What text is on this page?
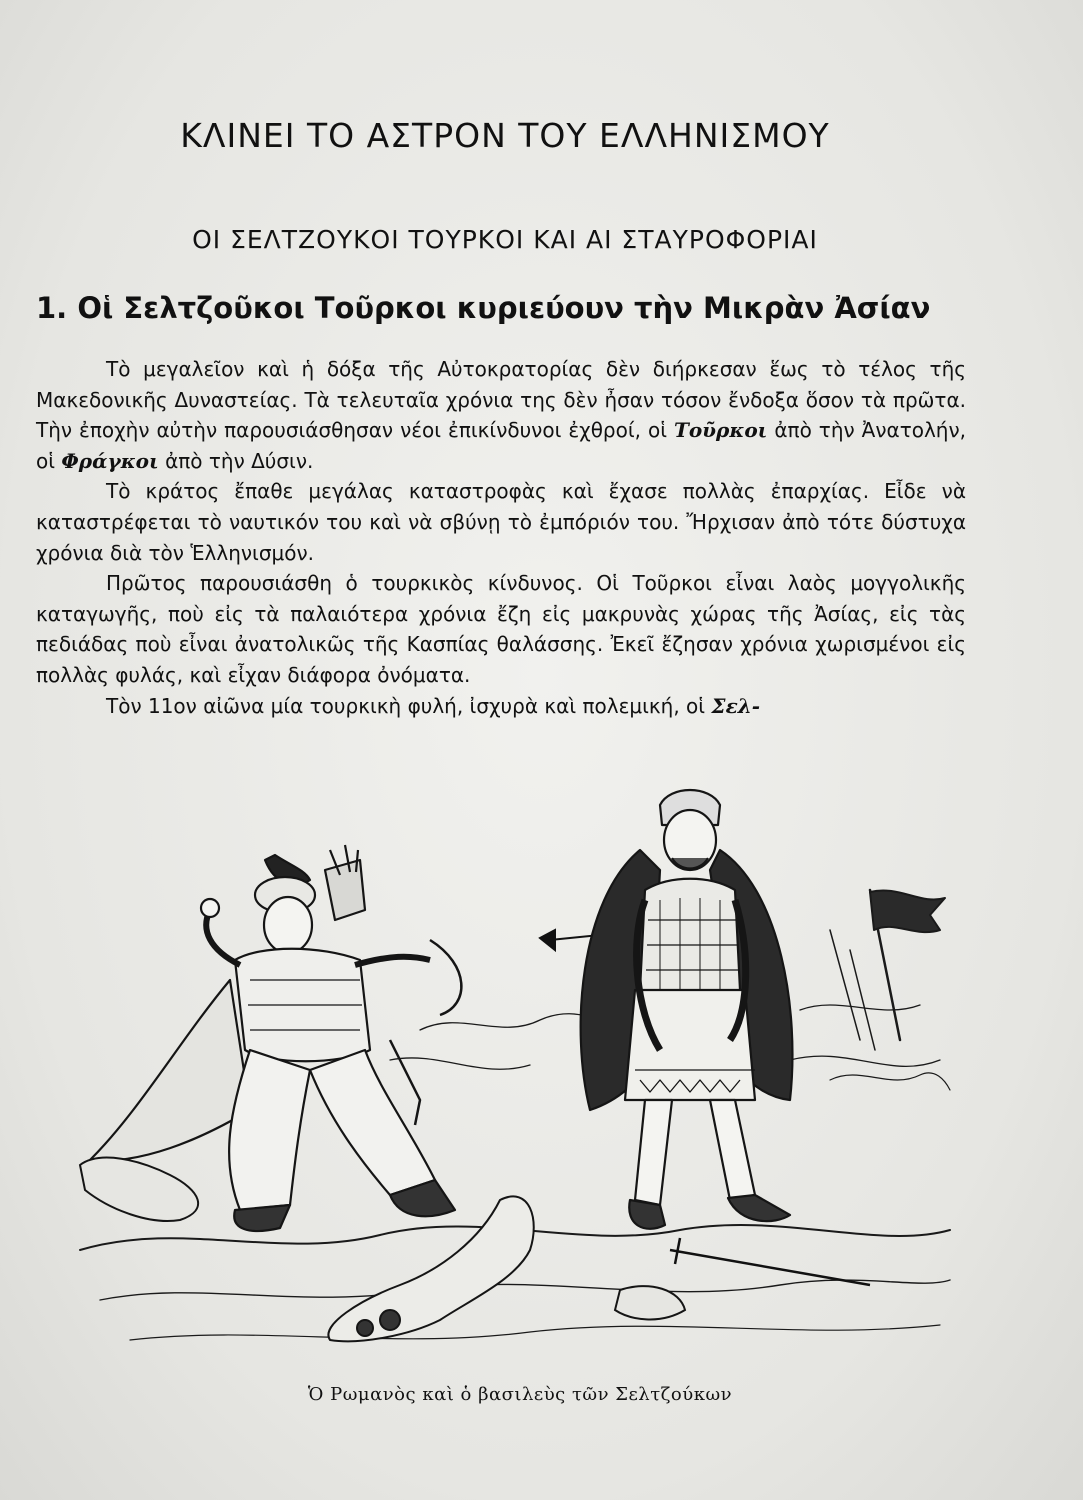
ΚΛΙΝΕΙ ΤΟ ΑΣΤΡΟΝ ΤΟΥ ΕΛΛΗΝΙΣΜΟΥ
ΟΙ ΣΕΛΤΖΟΥΚΟΙ ΤΟΥΡΚΟΙ ΚΑΙ ΑΙ ΣΤΑΥΡΟΦΟΡΙΑΙ
1. Οἱ Σελτζοῦκοι Τοῦρκοι κυριεύουν τὴν Μικρὰν Ἀσίαν

Τὸ μεγαλεῖον καὶ ἡ δόξα τῆς Αὐτοκρατορίας δὲν διήρκεσαν ἕως τὸ τέλος τῆς Μακεδονικῆς Δυναστείας. Τὰ τελευταῖα χρόνια της δὲν ἦσαν τόσον ἔνδοξα ὅσον τὰ πρῶτα. Τὴν ἐποχὴν αὐτὴν παρουσιάσθησαν νέοι ἐπικίνδυνοι ἐχθροί, οἱ Τοῦρκοι ἀπὸ τὴν Ἀνατολήν, οἱ Φράγκοι ἀπὸ τὴν Δύσιν.

Τὸ κράτος ἔπαθε μεγάλας καταστροφὰς καὶ ἔχασε πολλὰς ἐπαρχίας. Εἶδε νὰ καταστρέφεται τὸ ναυτικόν του καὶ νὰ σβύνῃ τὸ ἐμπόριόν του. Ἤρχισαν ἀπὸ τότε δύστυχα χρόνια διὰ τὸν Ἑλληνισμόν.

Πρῶτος παρουσιάσθη ὁ τουρκικὸς κίνδυνος. Οἱ Τοῦρκοι εἶναι λαὸς μογγολικῆς καταγωγῆς, ποὺ εἰς τὰ παλαιότερα χρόνια ἔζη εἰς μακρυνὰς χώρας τῆς Ἀσίας, εἰς τὰς πεδιάδας ποὺ εἶναι ἀνατολικῶς τῆς Κασπίας θαλάσσης. Ἐκεῖ ἔζησαν χρόνια χωρισμένοι εἰς πολλὰς φυλάς, καὶ εἶχαν διάφορα ὀνόματα.

Τὸν 11ον αἰῶνα μία τουρκικὴ φυλή, ἰσχυρὰ καὶ πολεμική, οἱ Σελ-

Ὁ Ρωμανὸς καὶ ὁ βασιλεὺς τῶν Σελτζούκων
